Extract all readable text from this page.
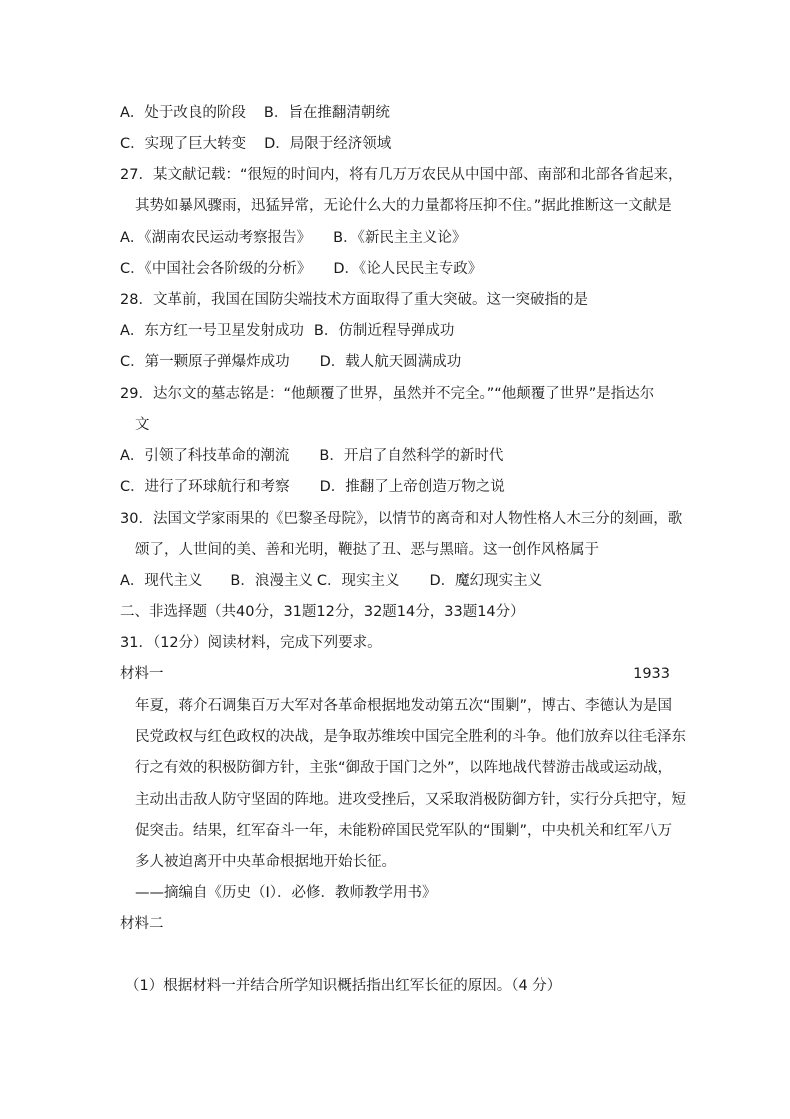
A．处于改良的阶段 B．旨在推翻清朝统
C．实现了巨大转变 D．局限于经济领域
27．某文献记载：“很短的时间内，将有几万万农民从中国中部、南部和北部各省起来，
其势如暴风骤雨，迅猛异常，无论什么大的力量都将压抑不住。”据此推断这一文献是
A．《湖南农民运动考察报告》 B．《新民主主义论》
C．《中国社会各阶级的分析》 D．《论人民民主专政》
28．文革前，我国在国防尖端技术方面取得了重大突破。这一突破指的是
A．东方红一号卫星发射成功 B．仿制近程导弹成功
C．第一颗原子弹爆炸成功 D．载人航天圆满成功
29．达尔文的墓志铭是：“他颠覆了世界，虽然并不完全。”“他颠覆了世界”是指达尔
文
A．引领了科技革命的潮流 B．开启了自然科学的新时代
C．进行了环球航行和考察 D．推翻了上帝创造万物之说
30．法国文学家雨果的《巴黎圣母院》，以情节的离奇和对人物性格人木三分的刻画，歌
颂了，人世间的美、善和光明，鞭挞了丑、恶与黑暗。这一创作风格属于
A．现代主义 B．浪漫主义 C．现实主义 D．魔幻现实主义
二、非选择题（共40分，31题12分，32题14分，33题14分）
31．（12分）阅读材料，完成下列要求。
材料一	1933
年夏，蒋介石调集百万大军对各革命根据地发动第五次“围剿”，博古、李德认为是国
民党政权与红色政权的决战，是争取苏维埃中国完全胜利的斗争。他们放弃以往毛泽东
行之有效的积极防御方针，主张“御敌于国门之外”，以阵地战代替游击战或运动战，
主动出击敌人防守坚固的阵地。进攻受挫后，又采取消极防御方针，实行分兵把守，短
促突击。结果，红军奋斗一年，未能粉碎国民党军队的“围剿”，中央机关和红军八万
多人被迫离开中央革命根据地开始长征。
——摘编自《历史（Ⅰ）．必修．教师教学用书》
材料二
（1）根据材料一并结合所学知识概括指出红军长征的原因。（4 分）
